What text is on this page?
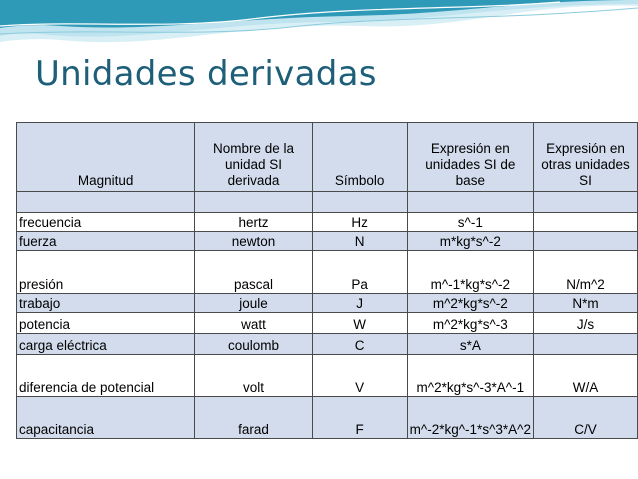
Unidades derivadas
Magnitud	Nombre de la unidad SI derivada	Símbolo	Expresión en unidades SI de base	Expresión en otras unidades SI

frecuencia	hertz	Hz	s^-1	
fuerza	newton	N	m*kg*s^-2	
presión	pascal	Pa	m^-1*kg*s^-2	N/m^2
trabajo	joule	J	m^2*kg*s^-2	N*m
potencia	watt	W	m^2*kg*s^-3	J/s
carga eléctrica	coulomb	C	s*A	
diferencia de potencial	volt	V	m^2*kg*s^-3*A^-1	W/A
capacitancia	farad	F	m^-2*kg^-1*s^3*A^2	C/V
